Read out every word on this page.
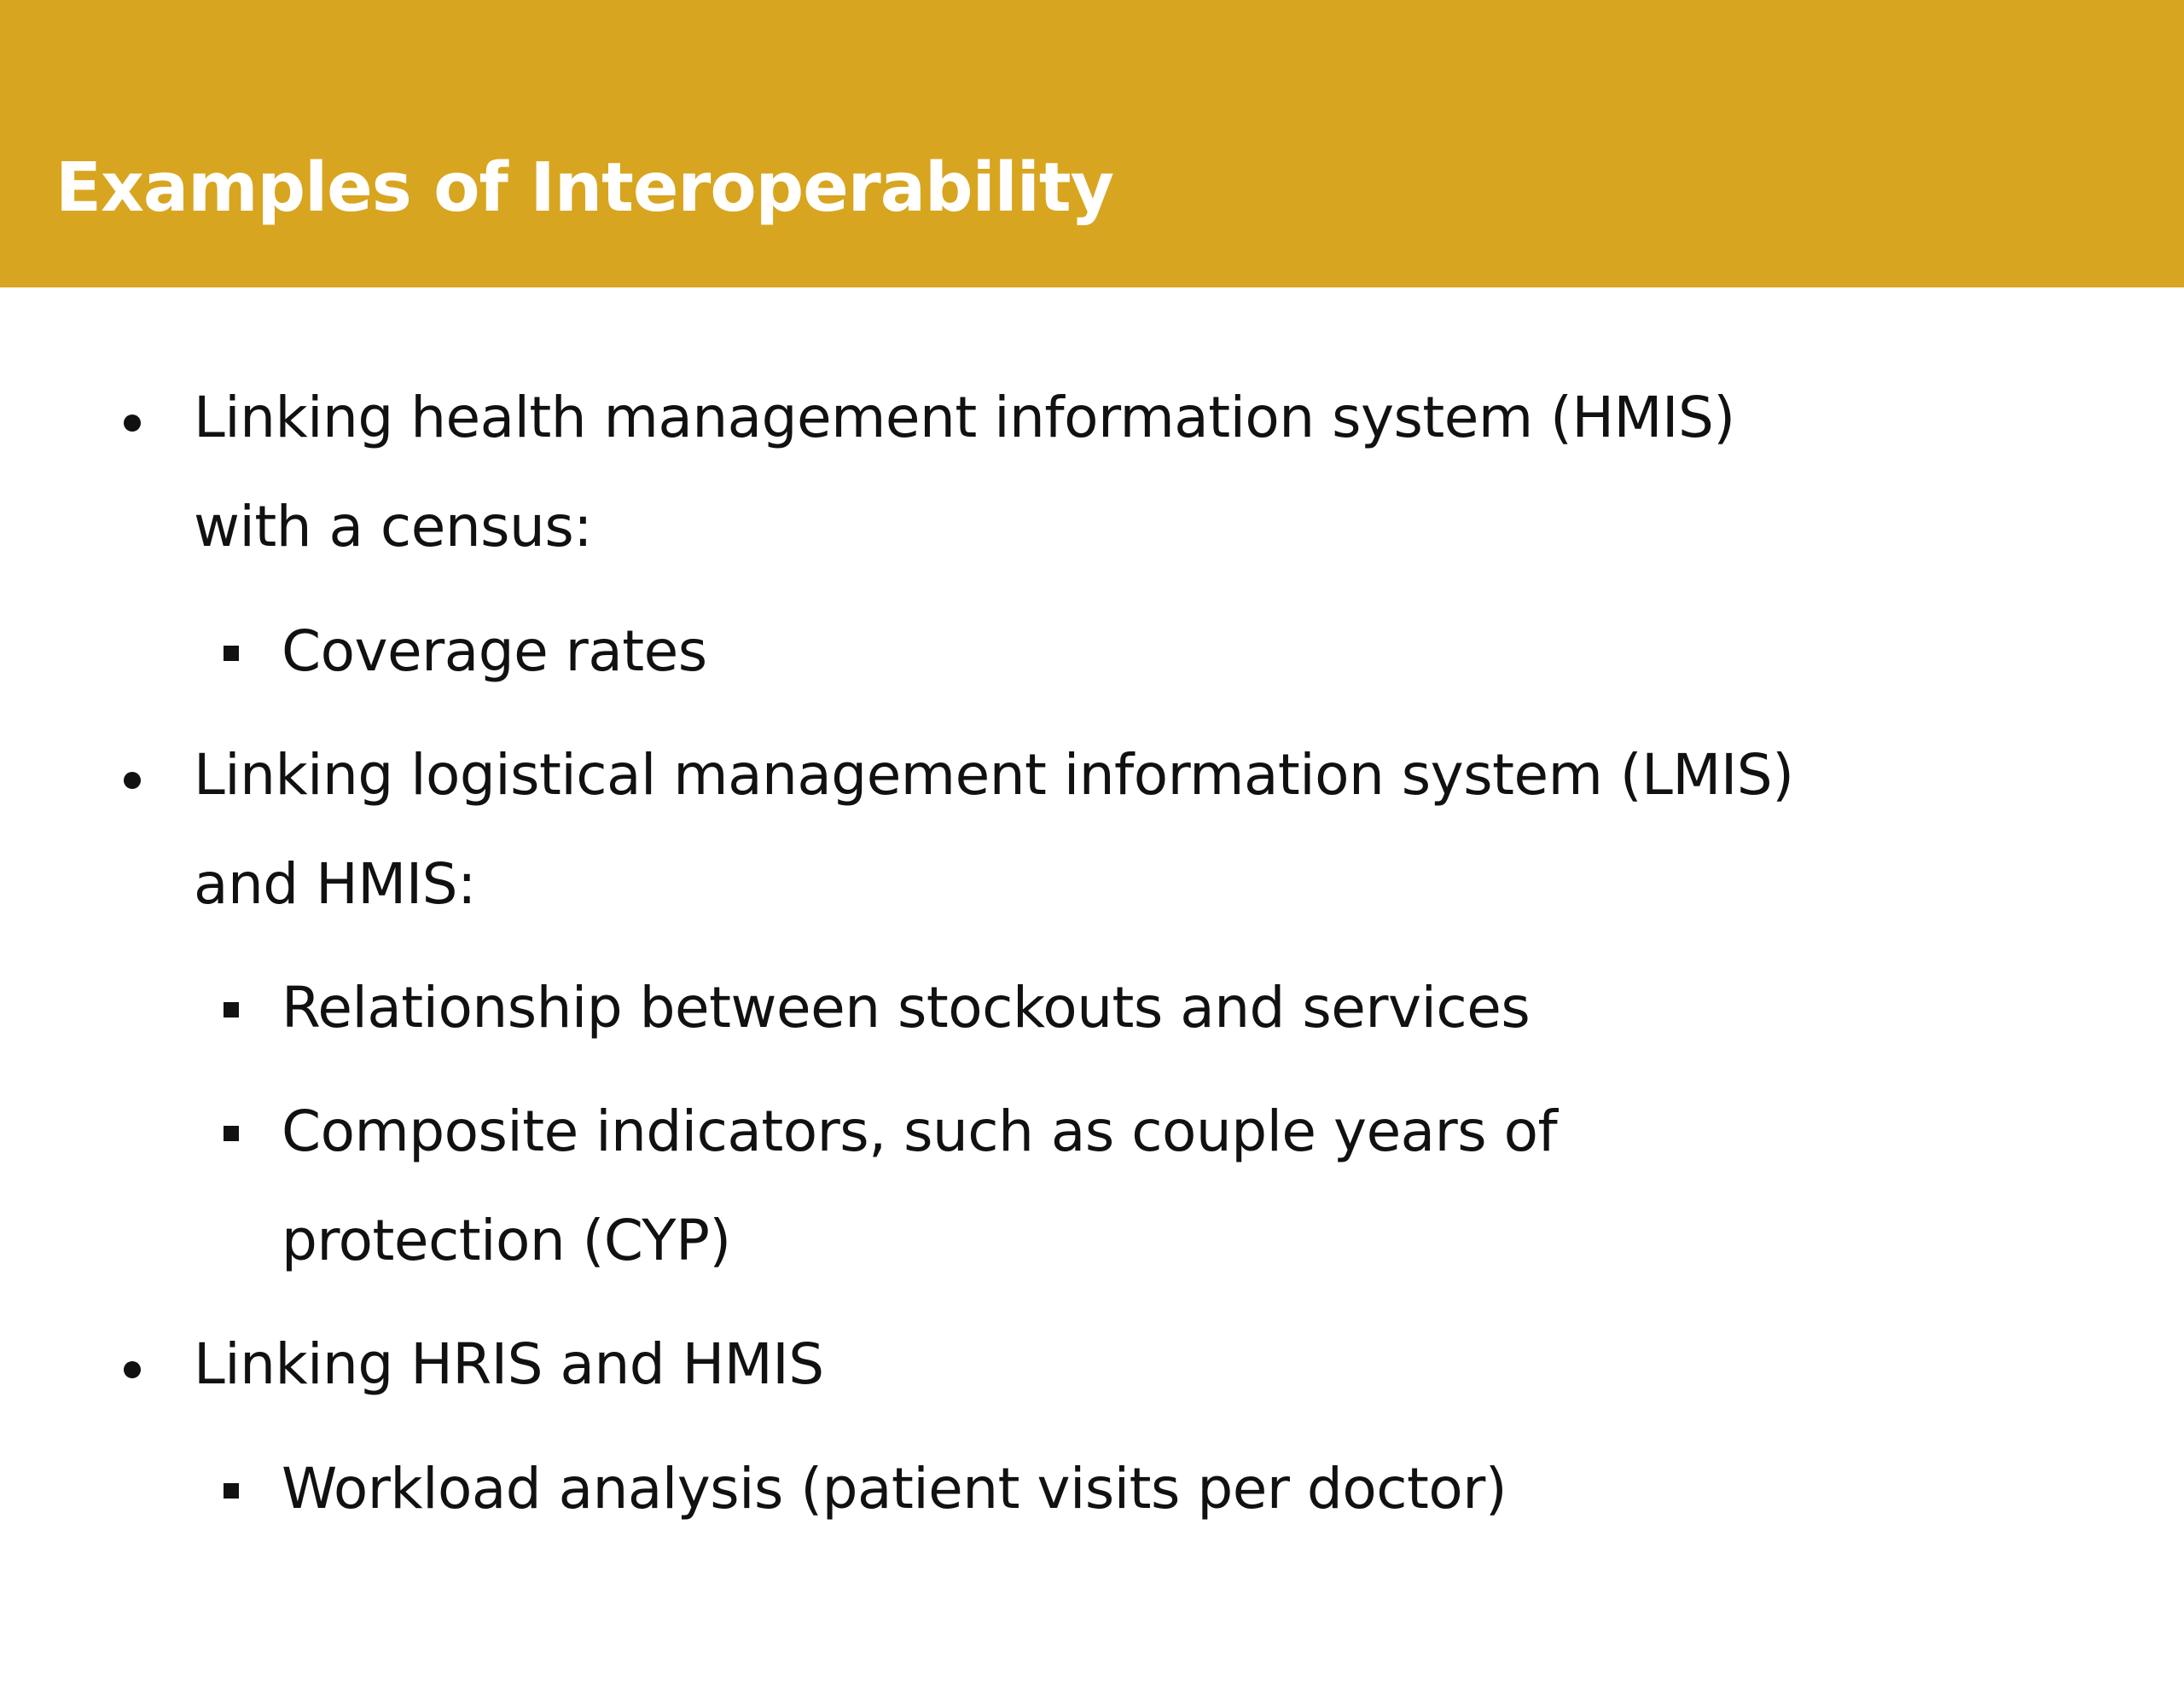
Examples of Interoperability
Linking health management information system (HMIS)
with a census:
Coverage rates
Linking logistical management information system (LMIS)
and HMIS:
Relationship between stockouts and services
Composite indicators, such as couple years of
protection (CYP)
Linking HRIS and HMIS
Workload analysis (patient visits per doctor)
